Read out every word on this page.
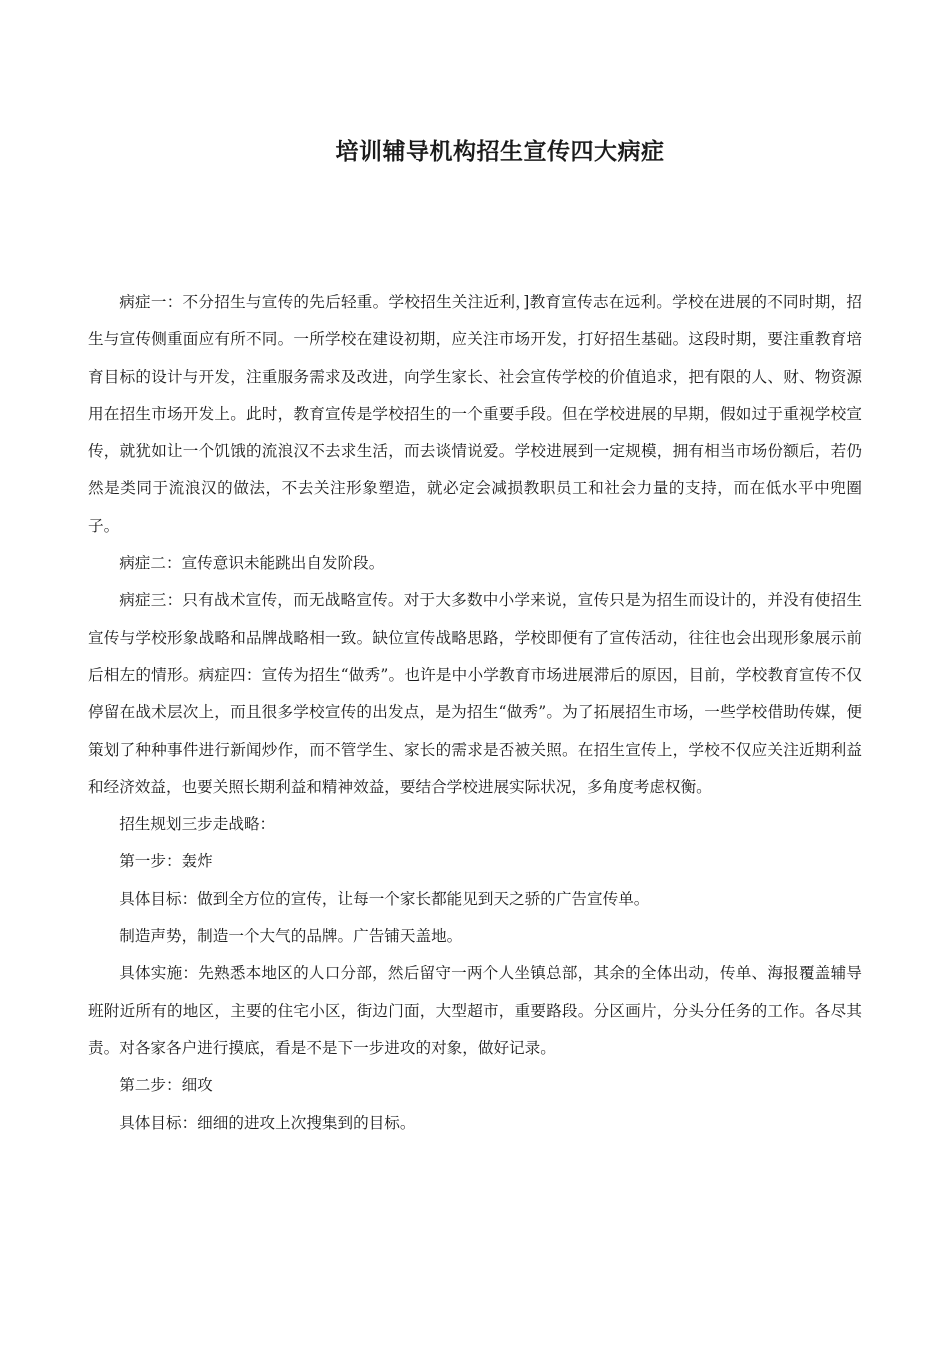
培训辅导机构招生宣传四大病症

病症一：不分招生与宣传的先后轻重。学校招生关注近利，]教育宣传志在远利。学校在进展的不同时期，招生与宣传侧重面应有所不同。一所学校在建设初期，应关注市场开发，打好招生基础。这段时期，要注重教育培育目标的设计与开发，注重服务需求及改进，向学生家长、社会宣传学校的价值追求，把有限的人、财、物资源用在招生市场开发上。此时，教育宣传是学校招生的一个重要手段。但在学校进展的早期，假如过于重视学校宣传，就犹如让一个饥饿的流浪汉不去求生活，而去谈情说爱。学校进展到一定规模，拥有相当市场份额后，若仍然是类同于流浪汉的做法，不去关注形象塑造，就必定会减损教职员工和社会力量的支持，而在低水平中兜圈子。

病症二：宣传意识未能跳出自发阶段。

病症三：只有战术宣传，而无战略宣传。对于大多数中小学来说，宣传只是为招生而设计的，并没有使招生宣传与学校形象战略和品牌战略相一致。缺位宣传战略思路，学校即便有了宣传活动，往往也会出现形象展示前后相左的情形。病症四：宣传为招生“做秀”。也许是中小学教育市场进展滞后的原因，目前，学校教育宣传不仅停留在战术层次上，而且很多学校宣传的出发点，是为招生“做秀”。为了拓展招生市场，一些学校借助传媒，便策划了种种事件进行新闻炒作，而不管学生、家长的需求是否被关照。在招生宣传上，学校不仅应关注近期利益和经济效益，也要关照长期利益和精神效益，要结合学校进展实际状况，多角度考虑权衡。

招生规划三步走战略：

第一步：轰炸

具体目标：做到全方位的宣传，让每一个家长都能见到天之骄的广告宣传单。

制造声势，制造一个大气的品牌。广告铺天盖地。

具体实施：先熟悉本地区的人口分部，然后留守一两个人坐镇总部，其余的全体出动，传单、海报覆盖辅导班附近所有的地区，主要的住宅小区，街边门面，大型超市，重要路段。分区画片，分头分任务的工作。各尽其责。对各家各户进行摸底，看是不是下一步进攻的对象，做好记录。

第二步：细攻

具体目标：细细的进攻上次搜集到的目标。
